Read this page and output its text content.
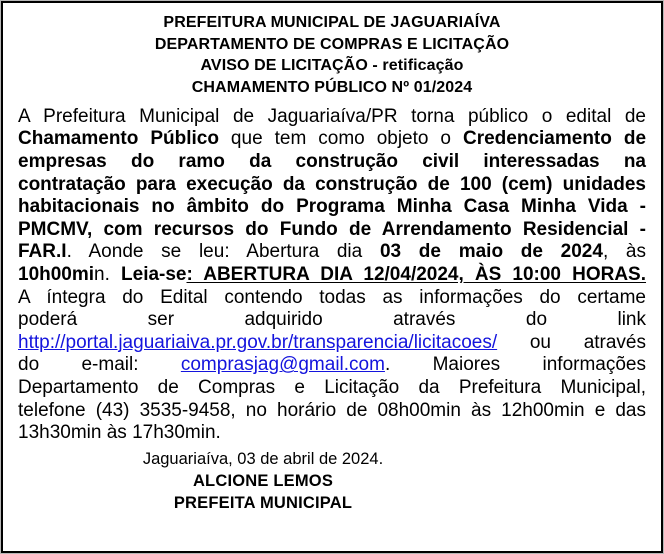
PREFEITURA MUNICIPAL DE JAGUARIAÍVA
DEPARTAMENTO DE COMPRAS E LICITAÇÃO
AVISO DE LICITAÇÃO - retificação
CHAMAMENTO PÚBLICO Nº 01/2024
A Prefeitura Municipal de Jaguariaíva/PR torna público o edital de
Chamamento Público que tem como objeto o Credenciamento de
empresas do ramo da construção civil interessadas na
contratação para execução da construção de 100 (cem) unidades
habitacionais no âmbito do Programa Minha Casa Minha Vida -
PMCMV, com recursos do Fundo de Arrendamento Residencial -
FAR.I. Aonde se leu: Abertura dia 03 de maio de 2024, às
10h00min. Leia-se: ABERTURA DIA 12/04/2024, ÀS 10:00 HORAS.
A íntegra do Edital contendo todas as informações do certame
poderá ser adquirido através do link
http://portal.jaguariaiva.pr.gov.br/transparencia/licitacoes/ ou através
do e-mail: comprasjag@gmail.com. Maiores informações
Departamento de Compras e Licitação da Prefeitura Municipal,
telefone (43) 3535-9458, no horário de 08h00min às 12h00min e das
13h30min às 17h30min.
Jaguariaíva, 03 de abril de 2024.
ALCIONE LEMOS
PREFEITA MUNICIPAL
